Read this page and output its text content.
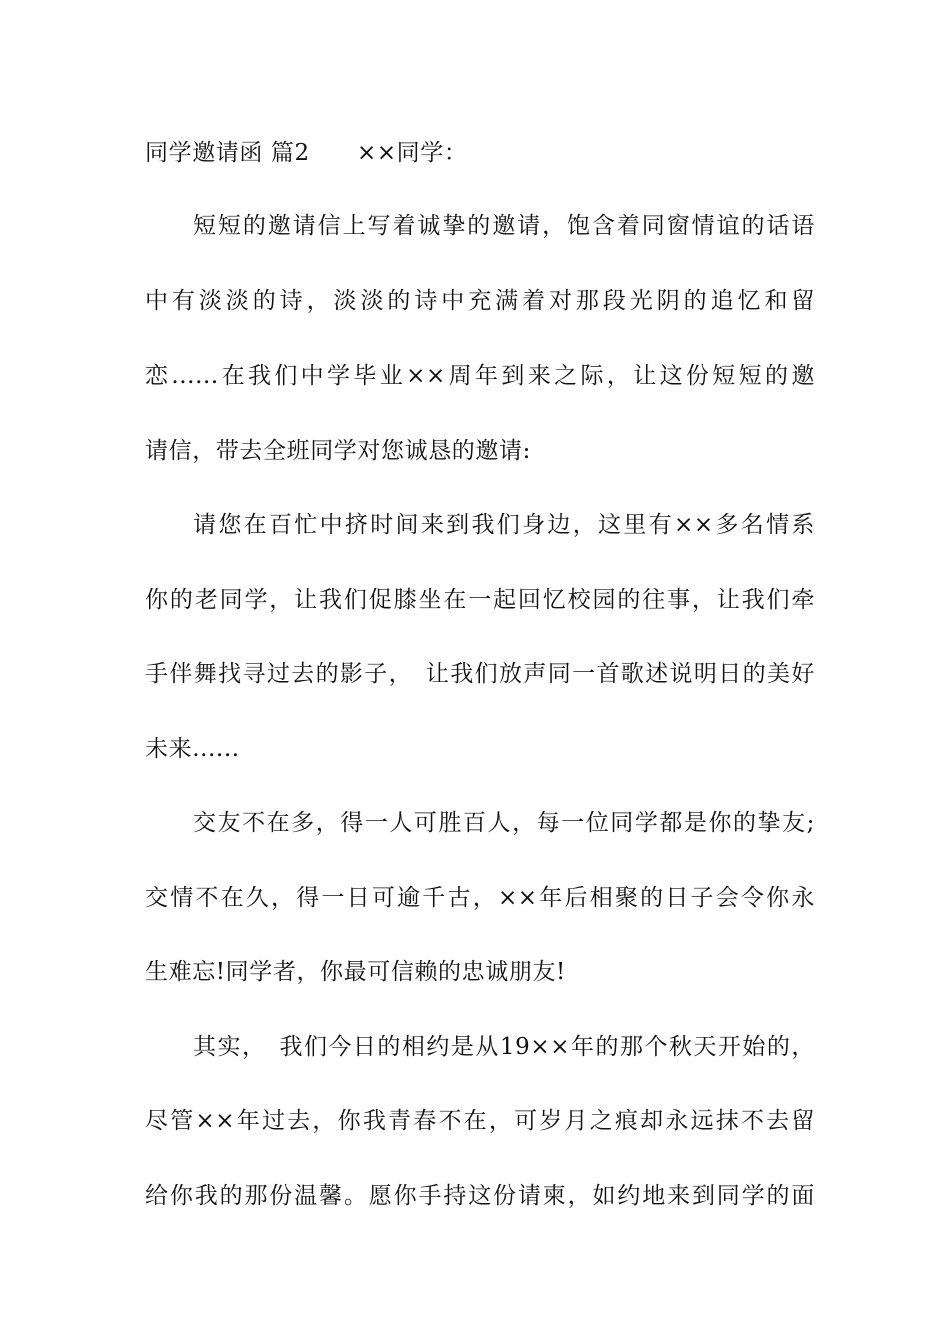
同学邀请函 篇2　　××同学：
短短的邀请信上写着诚挚的邀请，饱含着同窗情谊的话语
中有淡淡的诗，淡淡的诗中充满着对那段光阴的追忆和留
恋......在我们中学毕业××周年到来之际，让这份短短的邀
请信，带去全班同学对您诚恳的邀请:
请您在百忙中挤时间来到我们身边，这里有××多名情系
你的老同学，让我们促膝坐在一起回忆校园的往事，让我们牵
手伴舞找寻过去的影子，　让我们放声同一首歌述说明日的美好
未来......
交友不在多，得一人可胜百人，每一位同学都是你的挚友;
交情不在久，得一日可逾千古，××年后相聚的日子会令你永
生难忘!同学者，你最可信赖的忠诚朋友!
其实，　我们今日的相约是从19××年的那个秋天开始的，
尽管××年过去，你我青春不在，可岁月之痕却永远抹不去留
给你我的那份温馨。愿你手持这份请柬，如约地来到同学的面
